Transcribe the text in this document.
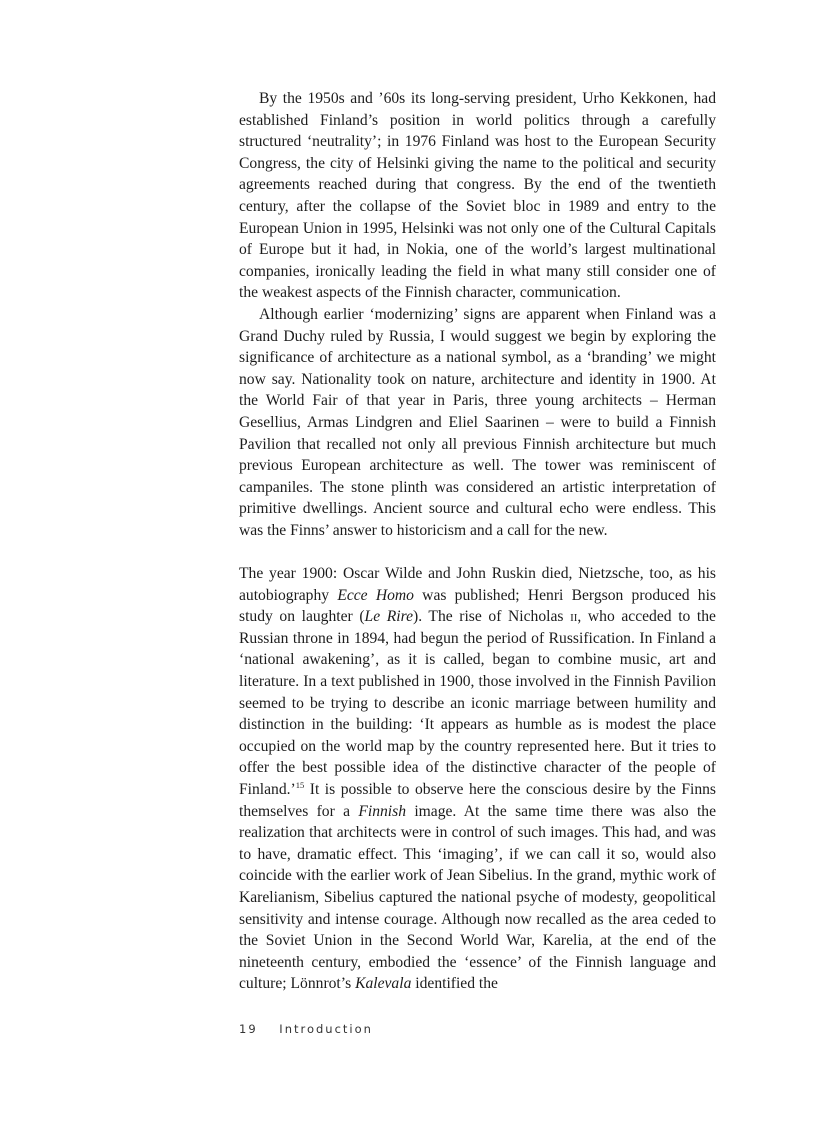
By the 1950s and ’60s its long-serving president, Urho Kekkonen, had established Finland’s position in world politics through a carefully structured ‘neutrality’; in 1976 Finland was host to the European Security Congress, the city of Helsinki giving the name to the political and security agreements reached during that congress. By the end of the twentieth century, after the collapse of the Soviet bloc in 1989 and entry to the European Union in 1995, Helsinki was not only one of the Cultural Capitals of Europe but it had, in Nokia, one of the world’s largest multinational companies, ironically leading the field in what many still consider one of the weakest aspects of the Finnish character, communication.

Although earlier ‘modernizing’ signs are apparent when Finland was a Grand Duchy ruled by Russia, I would suggest we begin by exploring the significance of architecture as a national symbol, as a ‘branding’ we might now say. Nationality took on nature, architecture and identity in 1900. At the World Fair of that year in Paris, three young architects – Herman Gesellius, Armas Lindgren and Eliel Saarinen – were to build a Finnish Pavilion that recalled not only all previous Finnish architecture but much previous European architecture as well. The tower was reminiscent of campaniles. The stone plinth was considered an artistic interpretation of primitive dwellings. Ancient source and cultural echo were endless. This was the Finns’ answer to historicism and a call for the new.

The year 1900: Oscar Wilde and John Ruskin died, Nietzsche, too, as his autobiography Ecce Homo was published; Henri Bergson produced his study on laughter (Le Rire). The rise of Nicholas ii, who acceded to the Russian throne in 1894, had begun the period of Russification. In Finland a ‘national awakening’, as it is called, began to combine music, art and literature. In a text published in 1900, those involved in the Finnish Pavilion seemed to be trying to describe an iconic marriage between humility and distinction in the building: ‘It appears as humble as is modest the place occupied on the world map by the country represented here. But it tries to offer the best possible idea of the distinctive character of the people of Finland.’$^{15}$ It is possible to observe here the conscious desire by the Finns themselves for a Finnish image. At the same time there was also the realization that architects were in control of such images. This had, and was to have, dramatic effect. This ‘imaging’, if we can call it so, would also coincide with the earlier work of Jean Sibelius. In the grand, mythic work of Karelianism, Sibelius captured the national psyche of modesty, geopolitical sensitivity and intense courage. Although now recalled as the area ceded to the Soviet Union in the Second World War, Karelia, at the end of the nineteenth century, embodied the ‘essence’ of the Finnish language and culture; Lönnrot’s Kalevala identified the

19 Introduction
